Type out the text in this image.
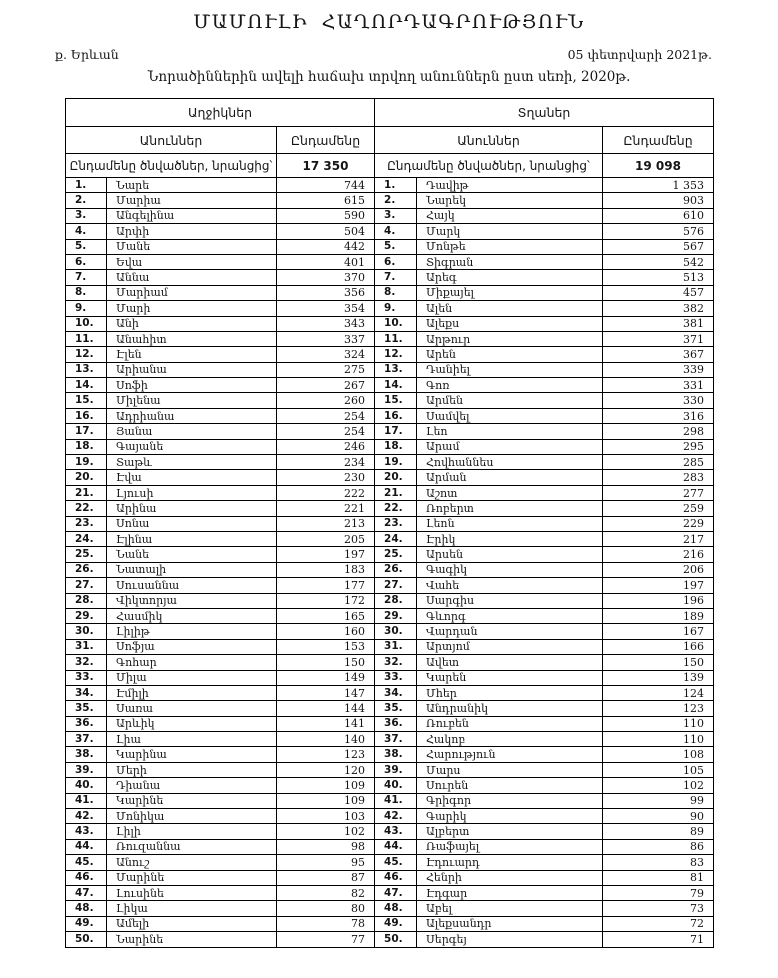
ՄԱՄՈՒԼԻ ՀԱՂՈՐԴԱԳՐՈՒԹՅՈՒՆ
ք. Երևան	05 փետրվարի 2021թ.
Նորածիններին ավելի հաճախ տրվող անուններն ըստ սեռի, 2020թ.
Աղջիկներ			Տղաներ		
Անուններ		Ընդամենը	Անուններ		Ընդամենը
Ընդամենը ծնվածներ, նրանցից՝		17 350	Ընդամենը ծնվածներ, նրանցից՝		19 098
1.	Նարե	744	1.	Դավիթ	1 353
2.	Մարիա	615	2.	Նարեկ	903
3.	Անգելինա	590	3.	Հայկ	610
4.	Արփի	504	4.	Մարկ	576
5.	Մանե	442	5.	Մոնթե	567
6.	Եվա	401	6.	Տիգրան	542
7.	Աննա	370	7.	Արեգ	513
8.	Մարիամ	356	8.	Միքայել	457
9.	Մարի	354	9.	Ալեն	382
10.	Անի	343	10.	Ալեքս	381
11.	Անահիտ	337	11.	Արթուր	371
12.	Էլեն	324	12.	Արեն	367
13.	Արիանա	275	13.	Դանիել	339
14.	Սոֆի	267	14.	Գոռ	331
15.	Միլենա	260	15.	Արմեն	330
16.	Ադրիանա	254	16.	Սամվել	316
17.	Յանա	254	17.	Լեո	298
18.	Գայանե	246	18.	Արամ	295
19.	Տաթև	234	19.	Հովհաննես	285
20.	Էվա	230	20.	Արման	283
21.	Լյուսի	222	21.	Աշոտ	277
22.	Արինա	221	22.	Ռոբերտ	259
23.	Սոնա	213	23.	Լեոն	229
24.	Էլինա	205	24.	Էրիկ	217
25.	Նանե	197	25.	Արսեն	216
26.	Նատալի	183	26.	Գագիկ	206
27.	Սուսաննա	177	27.	Վահե	197
28.	Վիկտորյա	172	28.	Սարգիս	196
29.	Հասմիկ	165	29.	Գևորգ	189
30.	Լիլիթ	160	30.	Վարդան	167
31.	Սոֆյա	153	31.	Արտյոմ	166
32.	Գոհար	150	32.	Ավետ	150
33.	Միլա	149	33.	Կարեն	139
34.	Էմիլի	147	34.	Մհեր	124
35.	Սառա	144	35.	Անդրանիկ	123
36.	Արևիկ	141	36.	Ռուբեն	110
37.	Լիա	140	37.	Հակոբ	110
38.	Կարինա	123	38.	Հարություն	108
39.	Մերի	120	39.	Մարս	105
40.	Դիանա	109	40.	Սուրեն	102
41.	Կարինե	109	41.	Գրիգոր	99
42.	Մոնիկա	103	42.	Գարիկ	90
43.	Լիլի	102	43.	Ալբերտ	89
44.	Ռուզաննա	98	44.	Ռաֆայել	86
45.	Անուշ	95	45.	Էդուարդ	83
46.	Մարինե	87	46.	Հենրի	81
47.	Լուսինե	82	47.	Էդգար	79
48.	Լիկա	80	48.	Աբել	73
49.	Ամելի	78	49.	Ալեքսանդր	72
50.	Նարինե	77	50.	Սերգեյ	71
